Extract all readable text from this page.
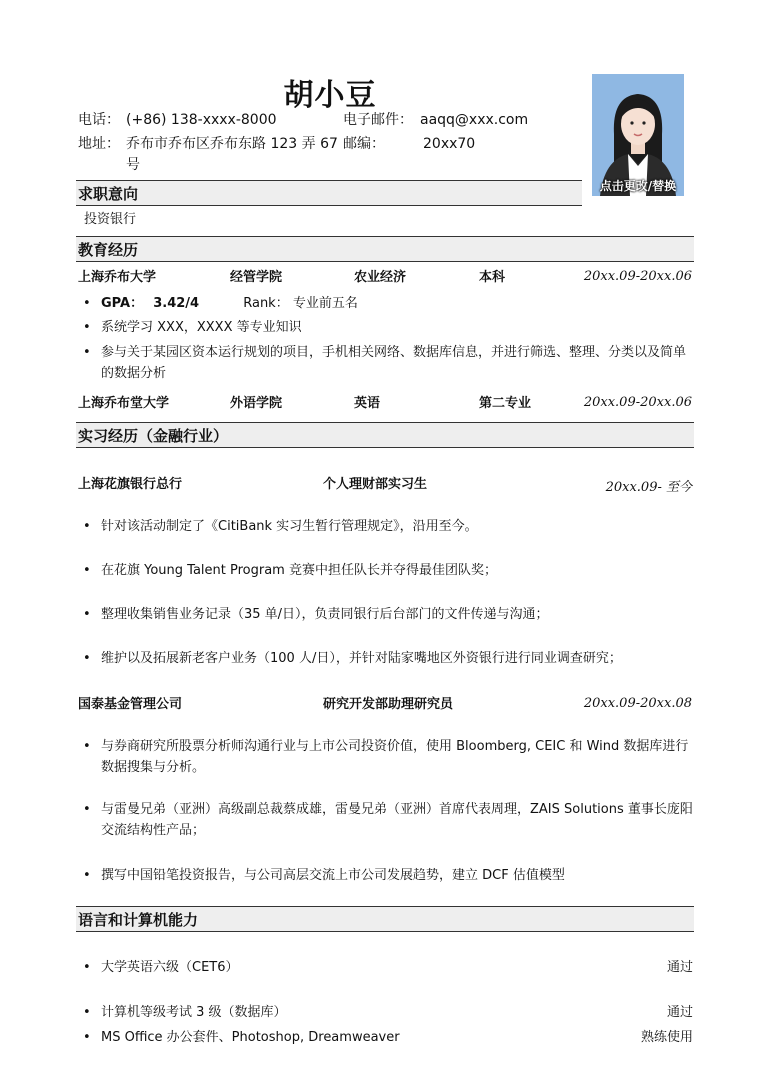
胡小豆
电话： (+86) 138-xxxx-8000	电子邮件： aaqq@xxx.com
地址： 乔布市乔布区乔布东路 123 弄 67 号
邮编：	20xx70
点击更改/替换
求职意向
投资银行
教育经历
上海乔布大学	经管学院	农业经济	本科	20xx.09-20xx.06
• GPA： 3.42/4	Rank： 专业前五名
• 系统学习 XXX，XXXX 等专业知识
• 参与关于某园区资本运行规划的项目，手机相关网络、数据库信息，并进行筛选、整理、分类以及简单的数据分析
上海乔布堂大学	外语学院	英语	第二专业	20xx.09-20xx.06
实习经历（金融行业）
上海花旗银行总行	个人理财部实习生	20xx.09- 至今
• 针对该活动制定了《CitiBank 实习生暂行管理规定》，沿用至今。
• 在花旗 Young Talent Program 竞赛中担任队长并夺得最佳团队奖；
• 整理收集销售业务记录（35 单/日），负责同银行后台部门的文件传递与沟通；
• 维护以及拓展新老客户业务（100 人/日），并针对陆家嘴地区外资银行进行同业调查研究；
国泰基金管理公司	研究开发部助理研究员	20xx.09-20xx.08
• 与券商研究所股票分析师沟通行业与上市公司投资价值，使用 Bloomberg, CEIC 和 Wind 数据库进行数据搜集与分析。
• 与雷曼兄弟（亚洲）高级副总裁蔡成雄，雷曼兄弟（亚洲）首席代表周理，ZAIS Solutions 董事长庞阳交流结构性产品；
• 撰写中国铅笔投资报告，与公司高层交流上市公司发展趋势，建立 DCF 估值模型
语言和计算机能力
• 大学英语六级（CET6）	通过
• 计算机等级考试 3 级（数据库）	通过
• MS Office 办公套件、Photoshop, Dreamweaver	熟练使用
